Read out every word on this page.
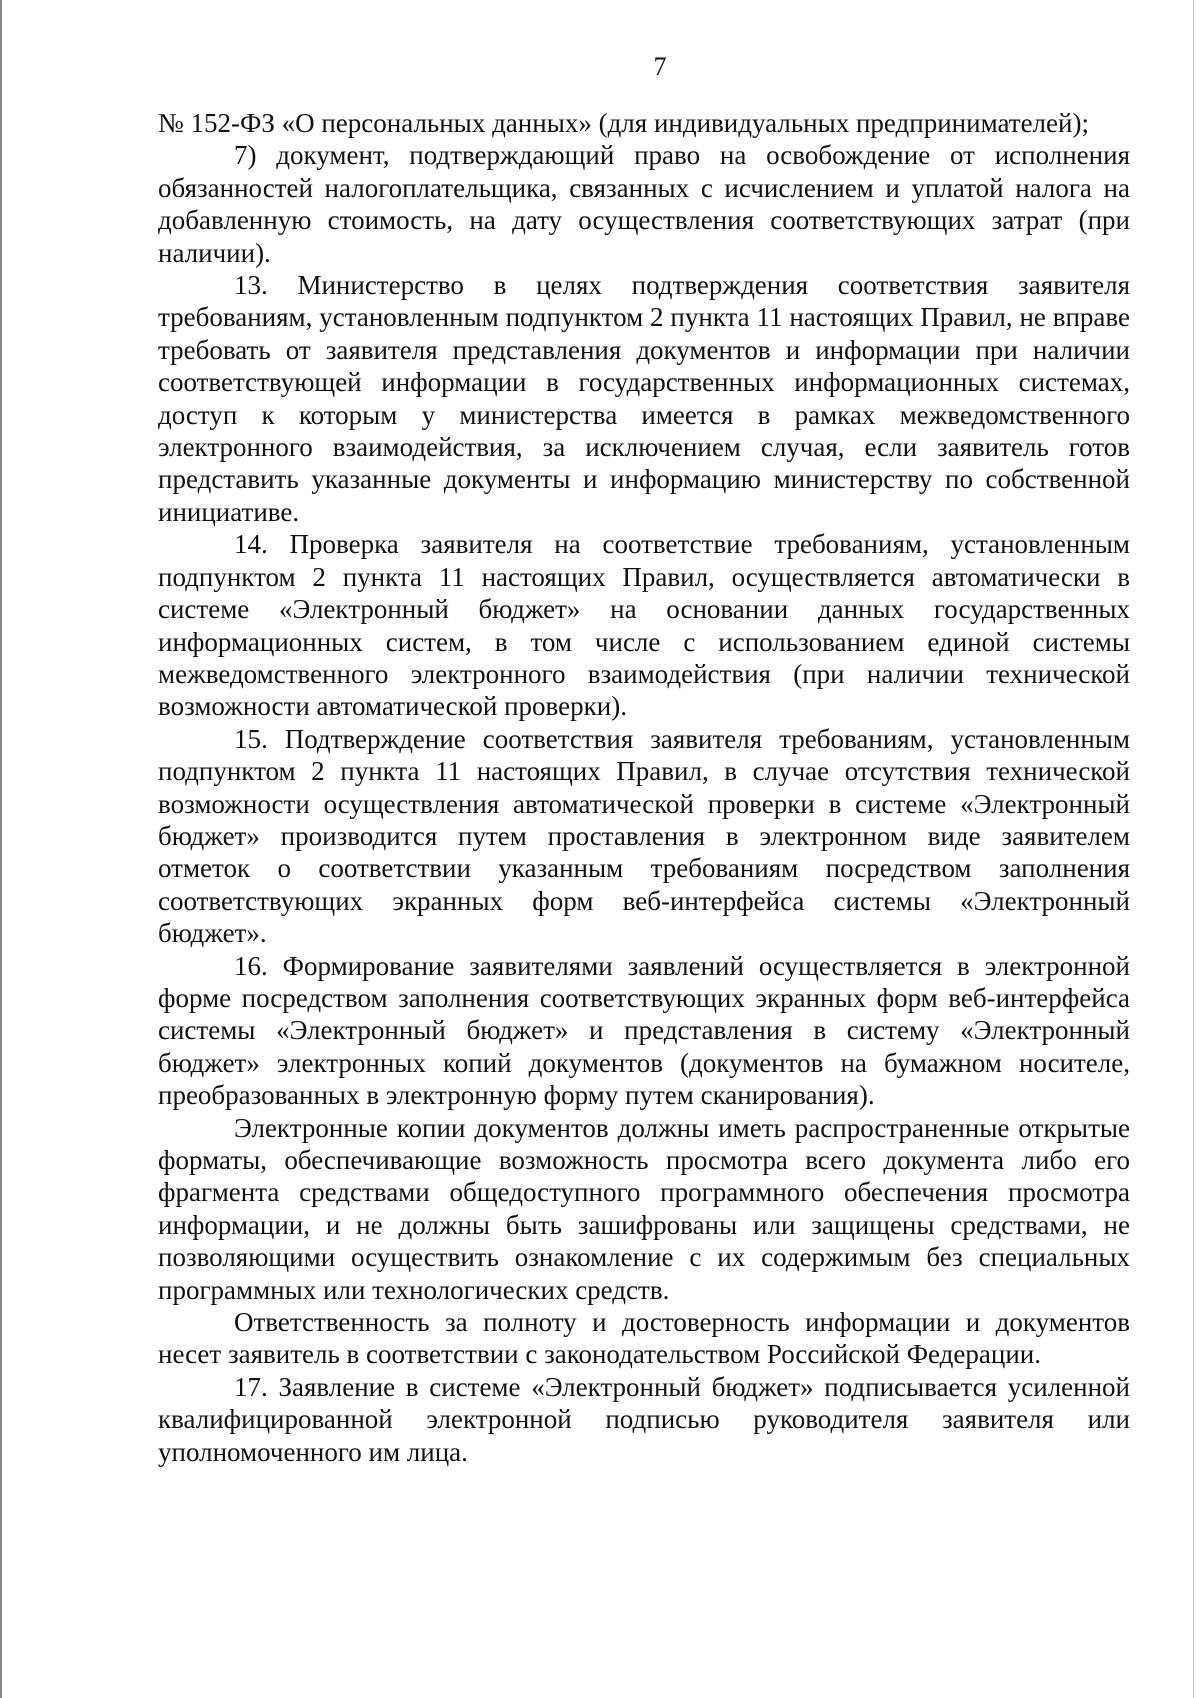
7

№ 152-ФЗ «О персональных данных» (для индивидуальных предпринимателей);

7) документ, подтверждающий право на освобождение от исполнения обязанностей налогоплательщика, связанных с исчислением и уплатой налога на добавленную стоимость, на дату осуществления соответствующих затрат (при наличии).

13. Министерство в целях подтверждения соответствия заявителя требованиям, установленным подпунктом 2 пункта 11 настоящих Правил, не вправе требовать от заявителя представления документов и информации при наличии соответствующей информации в государственных информационных системах, доступ к которым у министерства имеется в рамках межведомственного электронного взаимодействия, за исключением случая, если заявитель готов представить указанные документы и информацию министерству по собственной инициативе.

14. Проверка заявителя на соответствие требованиям, установленным подпунктом 2 пункта 11 настоящих Правил, осуществляется автоматически в системе «Электронный бюджет» на основании данных государственных информационных систем, в том числе с использованием единой системы межведомственного электронного взаимодействия (при наличии технической возможности автоматической проверки).

15. Подтверждение соответствия заявителя требованиям, установленным подпунктом 2 пункта 11 настоящих Правил, в случае отсутствия технической возможности осуществления автоматической проверки в системе «Электронный бюджет» производится путем проставления в электронном виде заявителем отметок о соответствии указанным требованиям посредством заполнения соответствующих экранных форм веб-интерфейса системы «Электронный бюджет».

16. Формирование заявителями заявлений осуществляется в электронной форме посредством заполнения соответствующих экранных форм веб-интерфейса системы «Электронный бюджет» и представления в систему «Электронный бюджет» электронных копий документов (документов на бумажном носителе, преобразованных в электронную форму путем сканирования).

Электронные копии документов должны иметь распространенные открытые форматы, обеспечивающие возможность просмотра всего документа либо его фрагмента средствами общедоступного программного обеспечения просмотра информации, и не должны быть зашифрованы или защищены средствами, не позволяющими осуществить ознакомление с их содержимым без специальных программных или технологических средств.

Ответственность за полноту и достоверность информации и документов несет заявитель в соответствии с законодательством Российской Федерации.

17. Заявление в системе «Электронный бюджет» подписывается усиленной квалифицированной электронной подписью руководителя заявителя или уполномоченного им лица.
